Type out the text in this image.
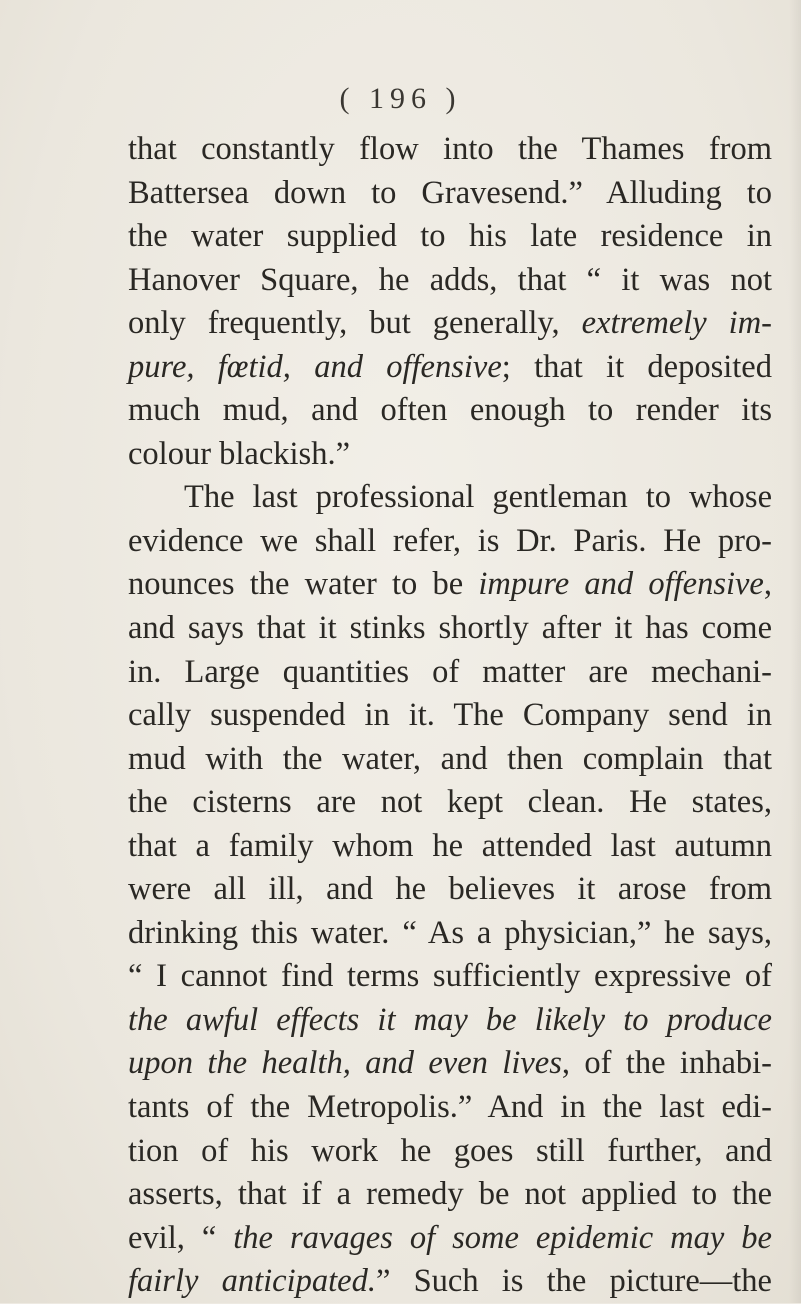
( 196 )
that constantly flow into the Thames from
Battersea down to Gravesend.” Alluding to
the water supplied to his late residence in
Hanover Square, he adds, that “ it was not
only frequently, but generally, extremely im-
pure, fœtid, and offensive; that it deposited
much mud, and often enough to render its
colour blackish.”
The last professional gentleman to whose
evidence we shall refer, is Dr. Paris. He pro-
nounces the water to be impure and offensive,
and says that it stinks shortly after it has come
in. Large quantities of matter are mechani-
cally suspended in it. The Company send in
mud with the water, and then complain that
the cisterns are not kept clean. He states,
that a family whom he attended last autumn
were all ill, and he believes it arose from
drinking this water. “ As a physician,” he says,
“ I cannot find terms sufficiently expressive of
the awful effects it may be likely to produce
upon the health, and even lives, of the inhabi-
tants of the Metropolis.” And in the last edi-
tion of his work he goes still further, and
asserts, that if a remedy be not applied to the
evil, “ the ravages of some epidemic may be
fairly anticipated.” Such is the picture—the
